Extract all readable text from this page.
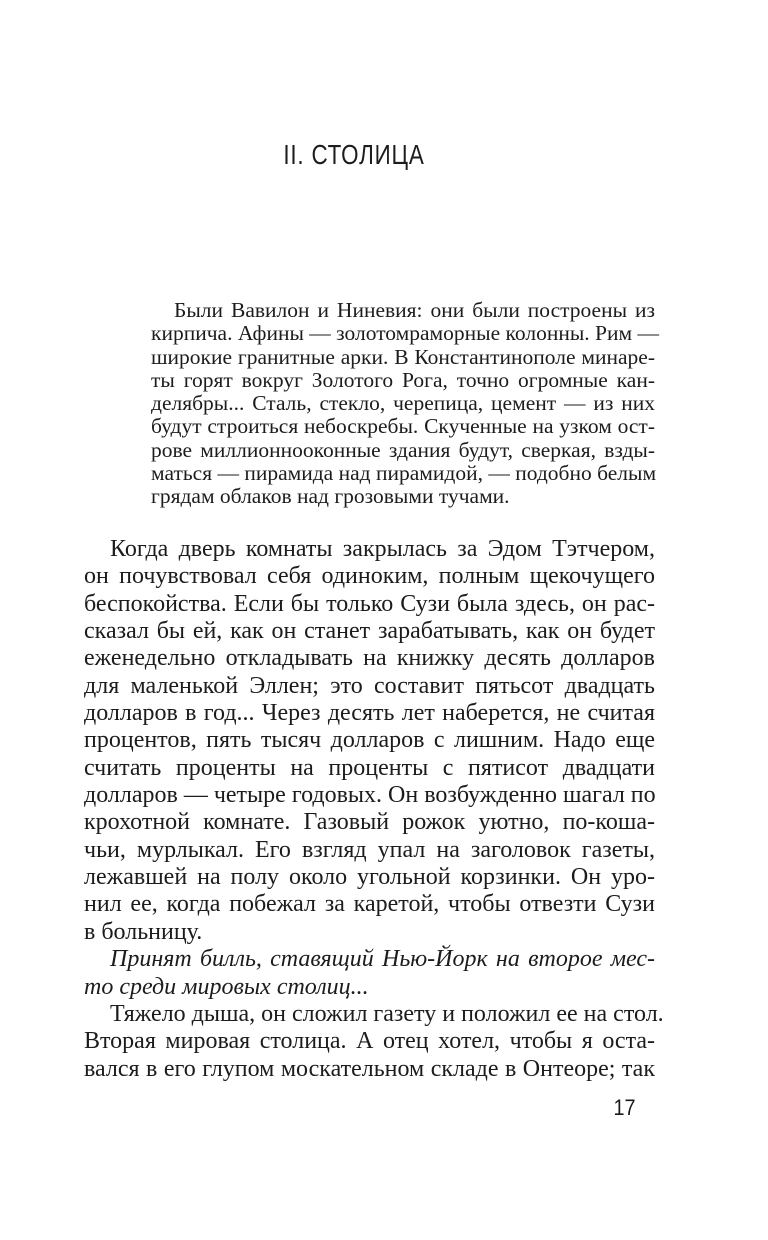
II. СТОЛИЦА
Были Вавилон и Ниневия: они были построены из
кирпича. Афины — золотомраморные колонны. Рим —
широкие гранитные арки. В Константинополе минаре-
ты горят вокруг Золотого Рога, точно огромные кан-
делябры... Сталь, стекло, черепица, цемент — из них
будут строиться небоскребы. Скученные на узком ост-
рове миллионнооконные здания будут, сверкая, взды-
маться — пирамида над пирамидой, — подобно белым
грядам облаков над грозовыми тучами.
Когда дверь комнаты закрылась за Эдом Тэтчером,
он почувствовал себя одиноким, полным щекочущего
беспокойства. Если бы только Сузи была здесь, он рас-
сказал бы ей, как он станет зарабатывать, как он будет
еженедельно откладывать на книжку десять долларов
для маленькой Эллен; это составит пятьсот двадцать
долларов в год... Через десять лет наберется, не считая
процентов, пять тысяч долларов с лишним. Надо еще
считать проценты на проценты с пятисот двадцати
долларов — четыре годовых. Он возбужденно шагал по
крохотной комнате. Газовый рожок уютно, по-коша-
чьи, мурлыкал. Его взгляд упал на заголовок газеты,
лежавшей на полу около угольной корзинки. Он уро-
нил ее, когда побежал за каретой, чтобы отвезти Сузи
в больницу.
Принят билль, ставящий Нью-Йорк на второе мес-
то среди мировых столиц...
Тяжело дыша, он сложил газету и положил ее на стол.
Вторая мировая столица. А отец хотел, чтобы я оста-
вался в его глупом москательном складе в Онтеоре; так
17
